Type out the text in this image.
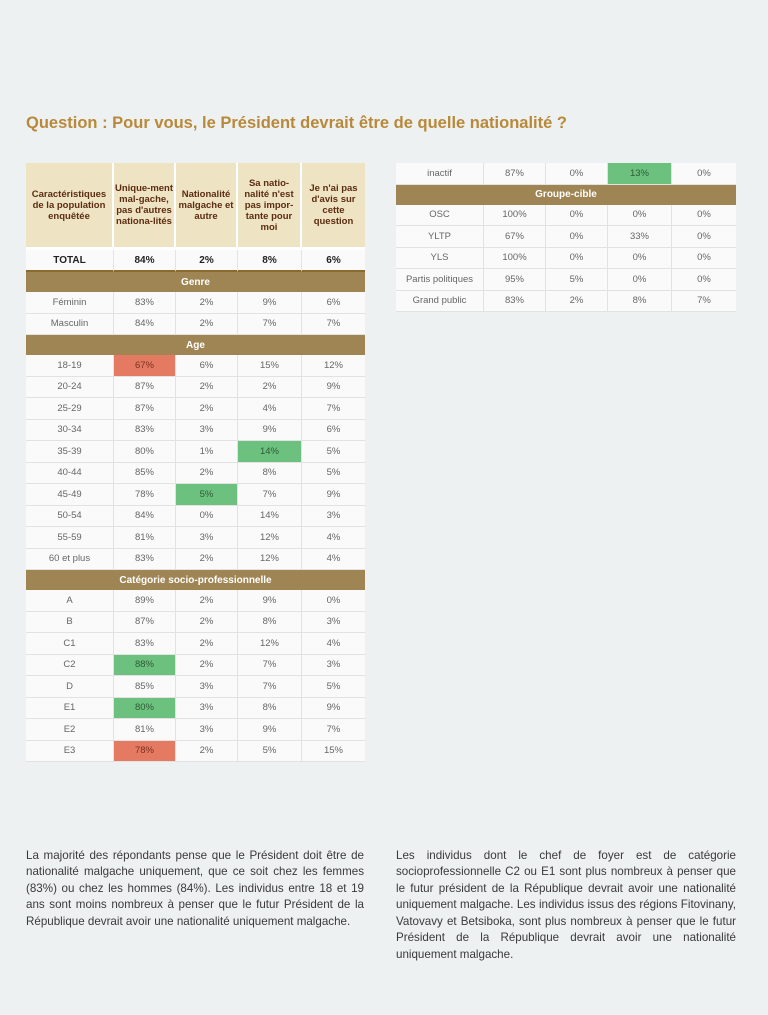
Question : Pour vous, le Président devrait être de quelle nationalité ?
Caractéristiques de la population enquêtée	Unique-ment mal-gache, pas d'autres nationa-lités	Nationalité malgache et autre	Sa natio-nalité n'est pas impor-tante pour moi	Je n'ai pas d'avis sur cette question
TOTAL	84%	2%	8%	6%
Genre				
Féminin	83%	2%	9%	6%
Masculin	84%	2%	7%	7%
Age				
18-19	67%	6%	15%	12%
20-24	87%	2%	2%	9%
25-29	87%	2%	4%	7%
30-34	83%	3%	9%	6%
35-39	80%	1%	14%	5%
40-44	85%	2%	8%	5%
45-49	78%	5%	7%	9%
50-54	84%	0%	14%	3%
55-59	81%	3%	12%	4%
60 et plus	83%	2%	12%	4%
Catégorie socio-professionnelle				
A	89%	2%	9%	0%
B	87%	2%	8%	3%
C1	83%	2%	12%	4%
C2	88%	2%	7%	3%
D	85%	3%	7%	5%
E1	80%	3%	8%	9%
E2	81%	3%	9%	7%
E3	78%	2%	5%	15%
inactif	87%	0%	13%	0%
Groupe-cible				
OSC	100%	0%	0%	0%
YLTP	67%	0%	33%	0%
YLS	100%	0%	0%	0%
Partis politiques	95%	5%	0%	0%
Grand public	83%	2%	8%	7%

La majorité des répondants pense que le Président doit être de nationalité malgache uniquement, que ce soit chez les femmes (83%) ou chez les hommes (84%). Les individus entre 18 et 19 ans sont moins nombreux à penser que le futur Président de la République devrait avoir une nationalité uniquement malgache.

Les individus dont le chef de foyer est de catégorie socioprofessionnelle C2 ou E1 sont plus nombreux à penser que le futur président de la République devrait avoir une nationalité uniquement malgache. Les individus issus des régions Fitovinany, Vatovavy et Betsiboka, sont plus nombreux à penser que le futur Président de la République devrait avoir une nationalité uniquement malgache.
